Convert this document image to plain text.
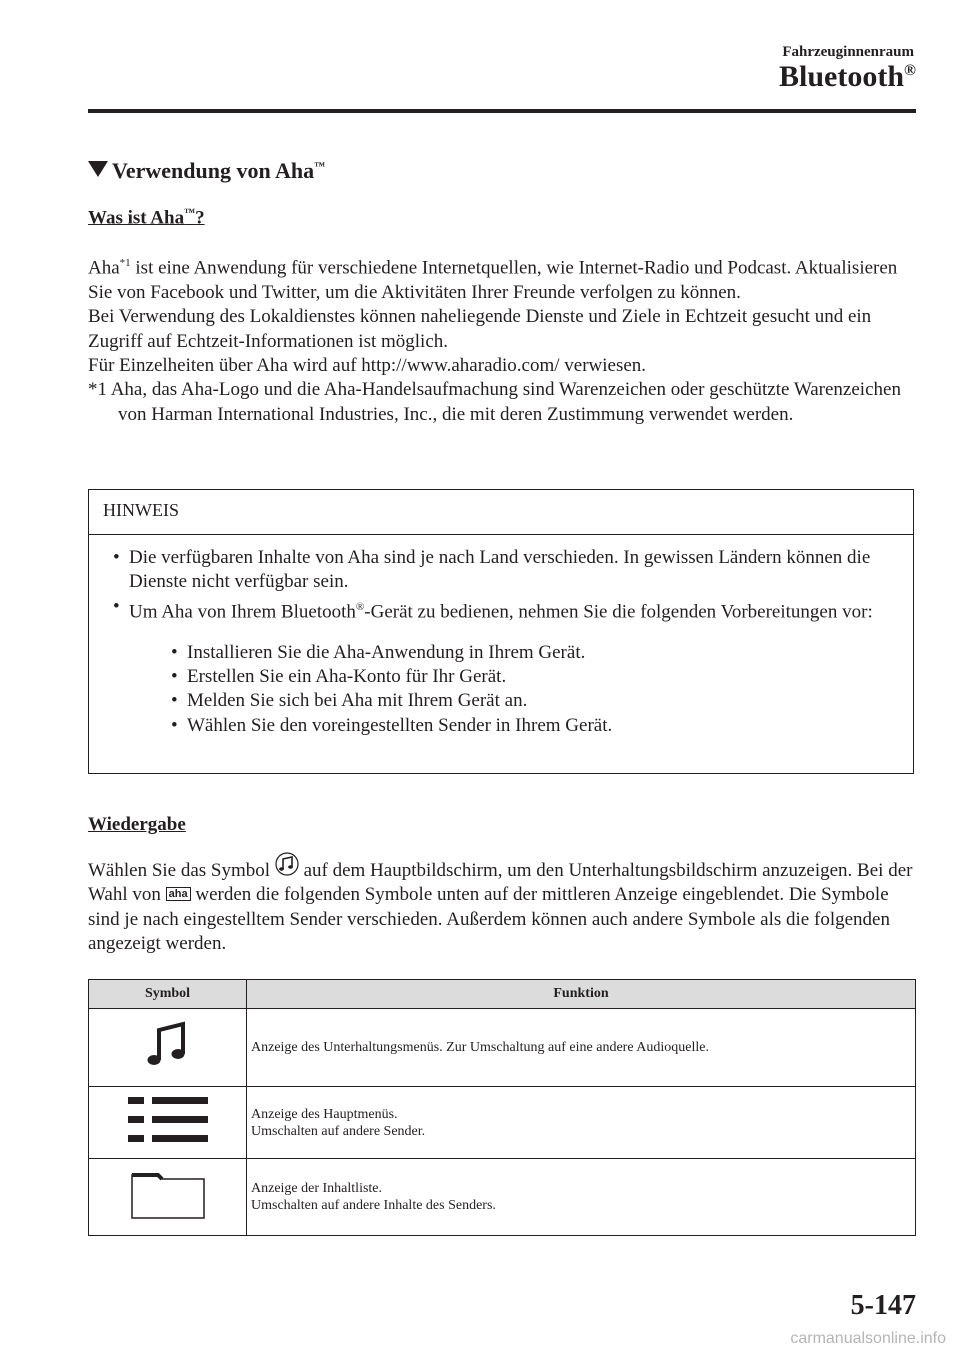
Fahrzeuginnenraum
Bluetooth®
Verwendung von Aha™
Was ist Aha™?

Aha$^{*1}$ ist eine Anwendung für verschiedene Internetquellen, wie Internet-Radio und Podcast. Aktualisieren Sie von Facebook und Twitter, um die Aktivitäten Ihrer Freunde verfolgen zu können.

Bei Verwendung des Lokaldienstes können naheliegende Dienste und Ziele in Echtzeit gesucht und ein Zugriff auf Echtzeit-Informationen ist möglich.

Für Einzelheiten über Aha wird auf http://www.aharadio.com/ verwiesen.

*1 Aha, das Aha-Logo und die Aha-Handelsaufmachung sind Warenzeichen oder geschützte Warenzeichen von Harman International Industries, Inc., die mit deren Zustimmung verwendet werden.

HINWEIS
• Die verfügbaren Inhalte von Aha sind je nach Land verschieden. In gewissen Ländern können die Dienste nicht verfügbar sein.
• Um Aha von Ihrem Bluetooth®-Gerät zu bedienen, nehmen Sie die folgenden Vorbereitungen vor:
• Installieren Sie die Aha-Anwendung in Ihrem Gerät.
• Erstellen Sie ein Aha-Konto für Ihr Gerät.
• Melden Sie sich bei Aha mit Ihrem Gerät an.
• Wählen Sie den voreingestellten Sender in Ihrem Gerät.
Wiedergabe

Wählen Sie das Symbol  auf dem Hauptbildschirm, um den Unterhaltungsbildschirm anzuzeigen. Bei der Wahl von aha werden die folgenden Symbole unten auf der mittleren Anzeige eingeblendet. Die Symbole sind je nach eingestelltem Sender verschieden. Außerdem können auch andere Symbole als die folgenden angezeigt werden.

Symbol	Funktion

Anzeige des Unterhaltungsmenüs. Zur Umschaltung auf eine andere Audioquelle.

Anzeige des Hauptmenüs.
Umschalten auf andere Sender.

Anzeige der Inhaltliste.
Umschalten auf andere Inhalte des Senders.
5-147
carmanualsonline.info
